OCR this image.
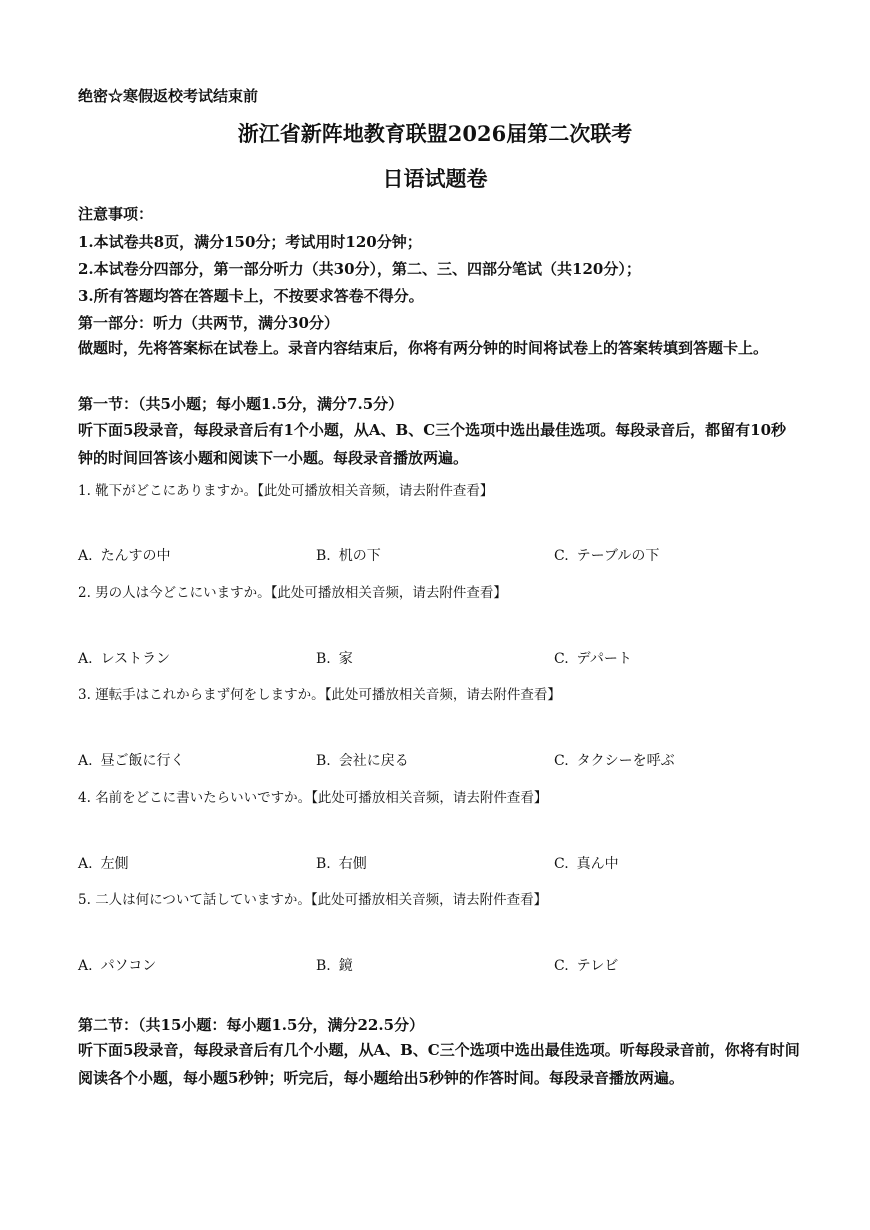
绝密☆寒假返校考试结束前
浙江省新阵地教育联盟2026届第二次联考
日语试题卷
注意事项：
1.本试卷共8页，满分150分；考试用时120分钟；
2.本试卷分四部分，第一部分听力（共30分），第二、三、四部分笔试（共120分）；
3.所有答题均答在答题卡上，不按要求答卷不得分。
第一部分：听力（共两节，满分30分）
做题时，先将答案标在试卷上。录音内容结束后，你将有两分钟的时间将试卷上的答案转填到答题卡上。
第一节：（共5小题；每小题1.5分，满分7.5分）
听下面5段录音，每段录音后有1个小题，从A、B、C三个选项中选出最佳选项。每段录音后，都留有10秒钟的时间回答该小题和阅读下一小题。每段录音播放两遍。
1. 靴下がどこにありますか。【此处可播放相关音频，请去附件查看】
A. たんすの中	B. 机の下	C. テーブルの下
2. 男の人は今どこにいますか。【此处可播放相关音频，请去附件查看】
A. レストラン	B. 家	C. デパート
3. 運転手はこれからまず何をしますか。【此处可播放相关音频，请去附件查看】
A. 昼ご飯に行く	B. 会社に戻る	C. タクシーを呼ぶ
4. 名前をどこに書いたらいいですか。【此处可播放相关音频，请去附件查看】
A. 左側	B. 右側	C. 真ん中
5. 二人は何について話していますか。【此处可播放相关音频，请去附件查看】
A. パソコン	B. 鏡	C. テレビ
第二节：（共15小题：每小题1.5分，满分22.5分）
听下面5段录音，每段录音后有几个小题，从A、B、C三个选项中选出最佳选项。听每段录音前，你将有时间阅读各个小题，每小题5秒钟；听完后，每小题给出5秒钟的作答时间。每段录音播放两遍。
